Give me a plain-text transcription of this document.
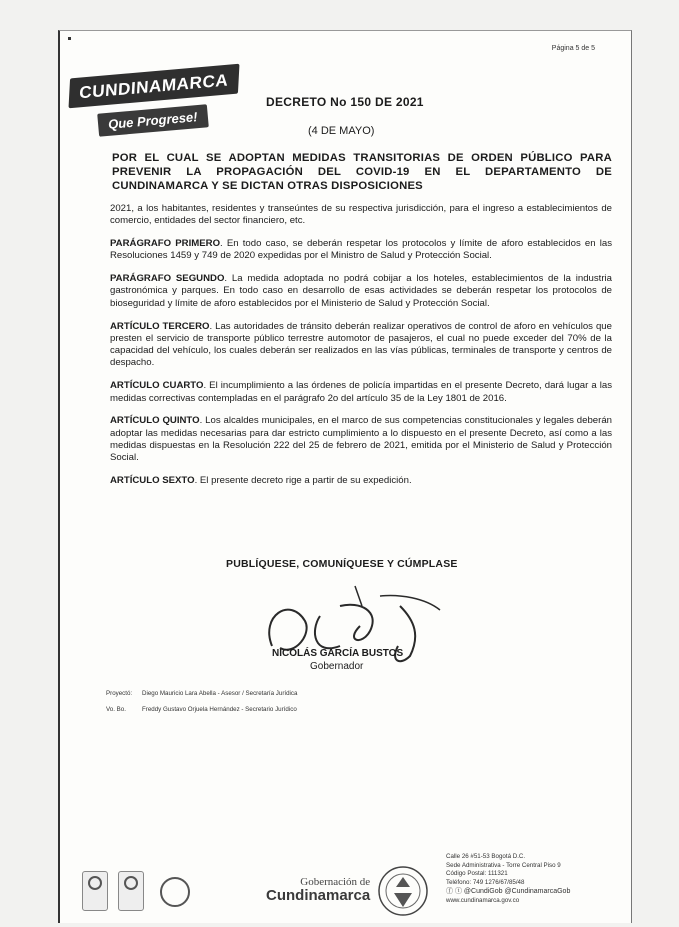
Página 5 de 5
CUNDINAMARCA
Que Progrese!
DECRETO No 150 DE 2021
(4 DE MAYO)
POR EL CUAL SE ADOPTAN MEDIDAS TRANSITORIAS DE ORDEN PÚBLICO PARA PREVENIR LA PROPAGACIÓN DEL COVID-19 EN EL DEPARTAMENTO DE CUNDINAMARCA Y SE DICTAN OTRAS DISPOSICIONES

2021, a los habitantes, residentes y transeúntes de su respectiva jurisdicción, para el ingreso a establecimientos de comercio, entidades del sector financiero, etc.

PARÁGRAFO PRIMERO. En todo caso, se deberán respetar los protocolos y límite de aforo establecidos en las Resoluciones 1459 y 749 de 2020 expedidas por el Ministro de Salud y Protección Social.

PARÁGRAFO SEGUNDO. La medida adoptada no podrá cobijar a los hoteles, establecimientos de la industria gastronómica y parques. En todo caso en desarrollo de esas actividades se deberán respetar los protocolos de bioseguridad y límite de aforo establecidos por el Ministerio de Salud y Protección Social.

ARTÍCULO TERCERO. Las autoridades de tránsito deberán realizar operativos de control de aforo en vehículos que presten el servicio de transporte público terrestre automotor de pasajeros, el cual no puede exceder del 70% de la capacidad del vehículo, los cuales deberán ser realizados en las vías públicas, terminales de transporte y centros de despacho.

ARTÍCULO CUARTO. El incumplimiento a las órdenes de policía impartidas en el presente Decreto, dará lugar a las medidas correctivas contempladas en el parágrafo 2o del artículo 35 de la Ley 1801 de 2016.

ARTÍCULO QUINTO. Los alcaldes municipales, en el marco de sus competencias constitucionales y legales deberán adoptar las medidas necesarias para dar estricto cumplimiento a lo dispuesto en el presente Decreto, así como a las medidas dispuestas en la Resolución 222 del 25 de febrero de 2021, emitida por el Ministerio de Salud y Protección Social.

ARTÍCULO SEXTO. El presente decreto rige a partir de su expedición.

PUBLÍQUESE, COMUNÍQUESE Y CÚMPLASE
NICOLÁS GARCÍA BUSTOS
Gobernador
Proyectó: Diego Mauricio Lara Abella - Asesor / Secretaría Jurídica
Vo. Bo.	Freddy Gustavo Orjuela Hernández - Secretario Jurídico
Gobernación de
Cundinamarca
Calle 26 #51-53 Bogotá D.C.
Sede Administrativa - Torre Central Piso 9
Código Postal: 111321
Teléfono: 749 1276/67/85/48
ⓕ ⓣ @CundiGob @CundinamarcaGob
www.cundinamarca.gov.co
